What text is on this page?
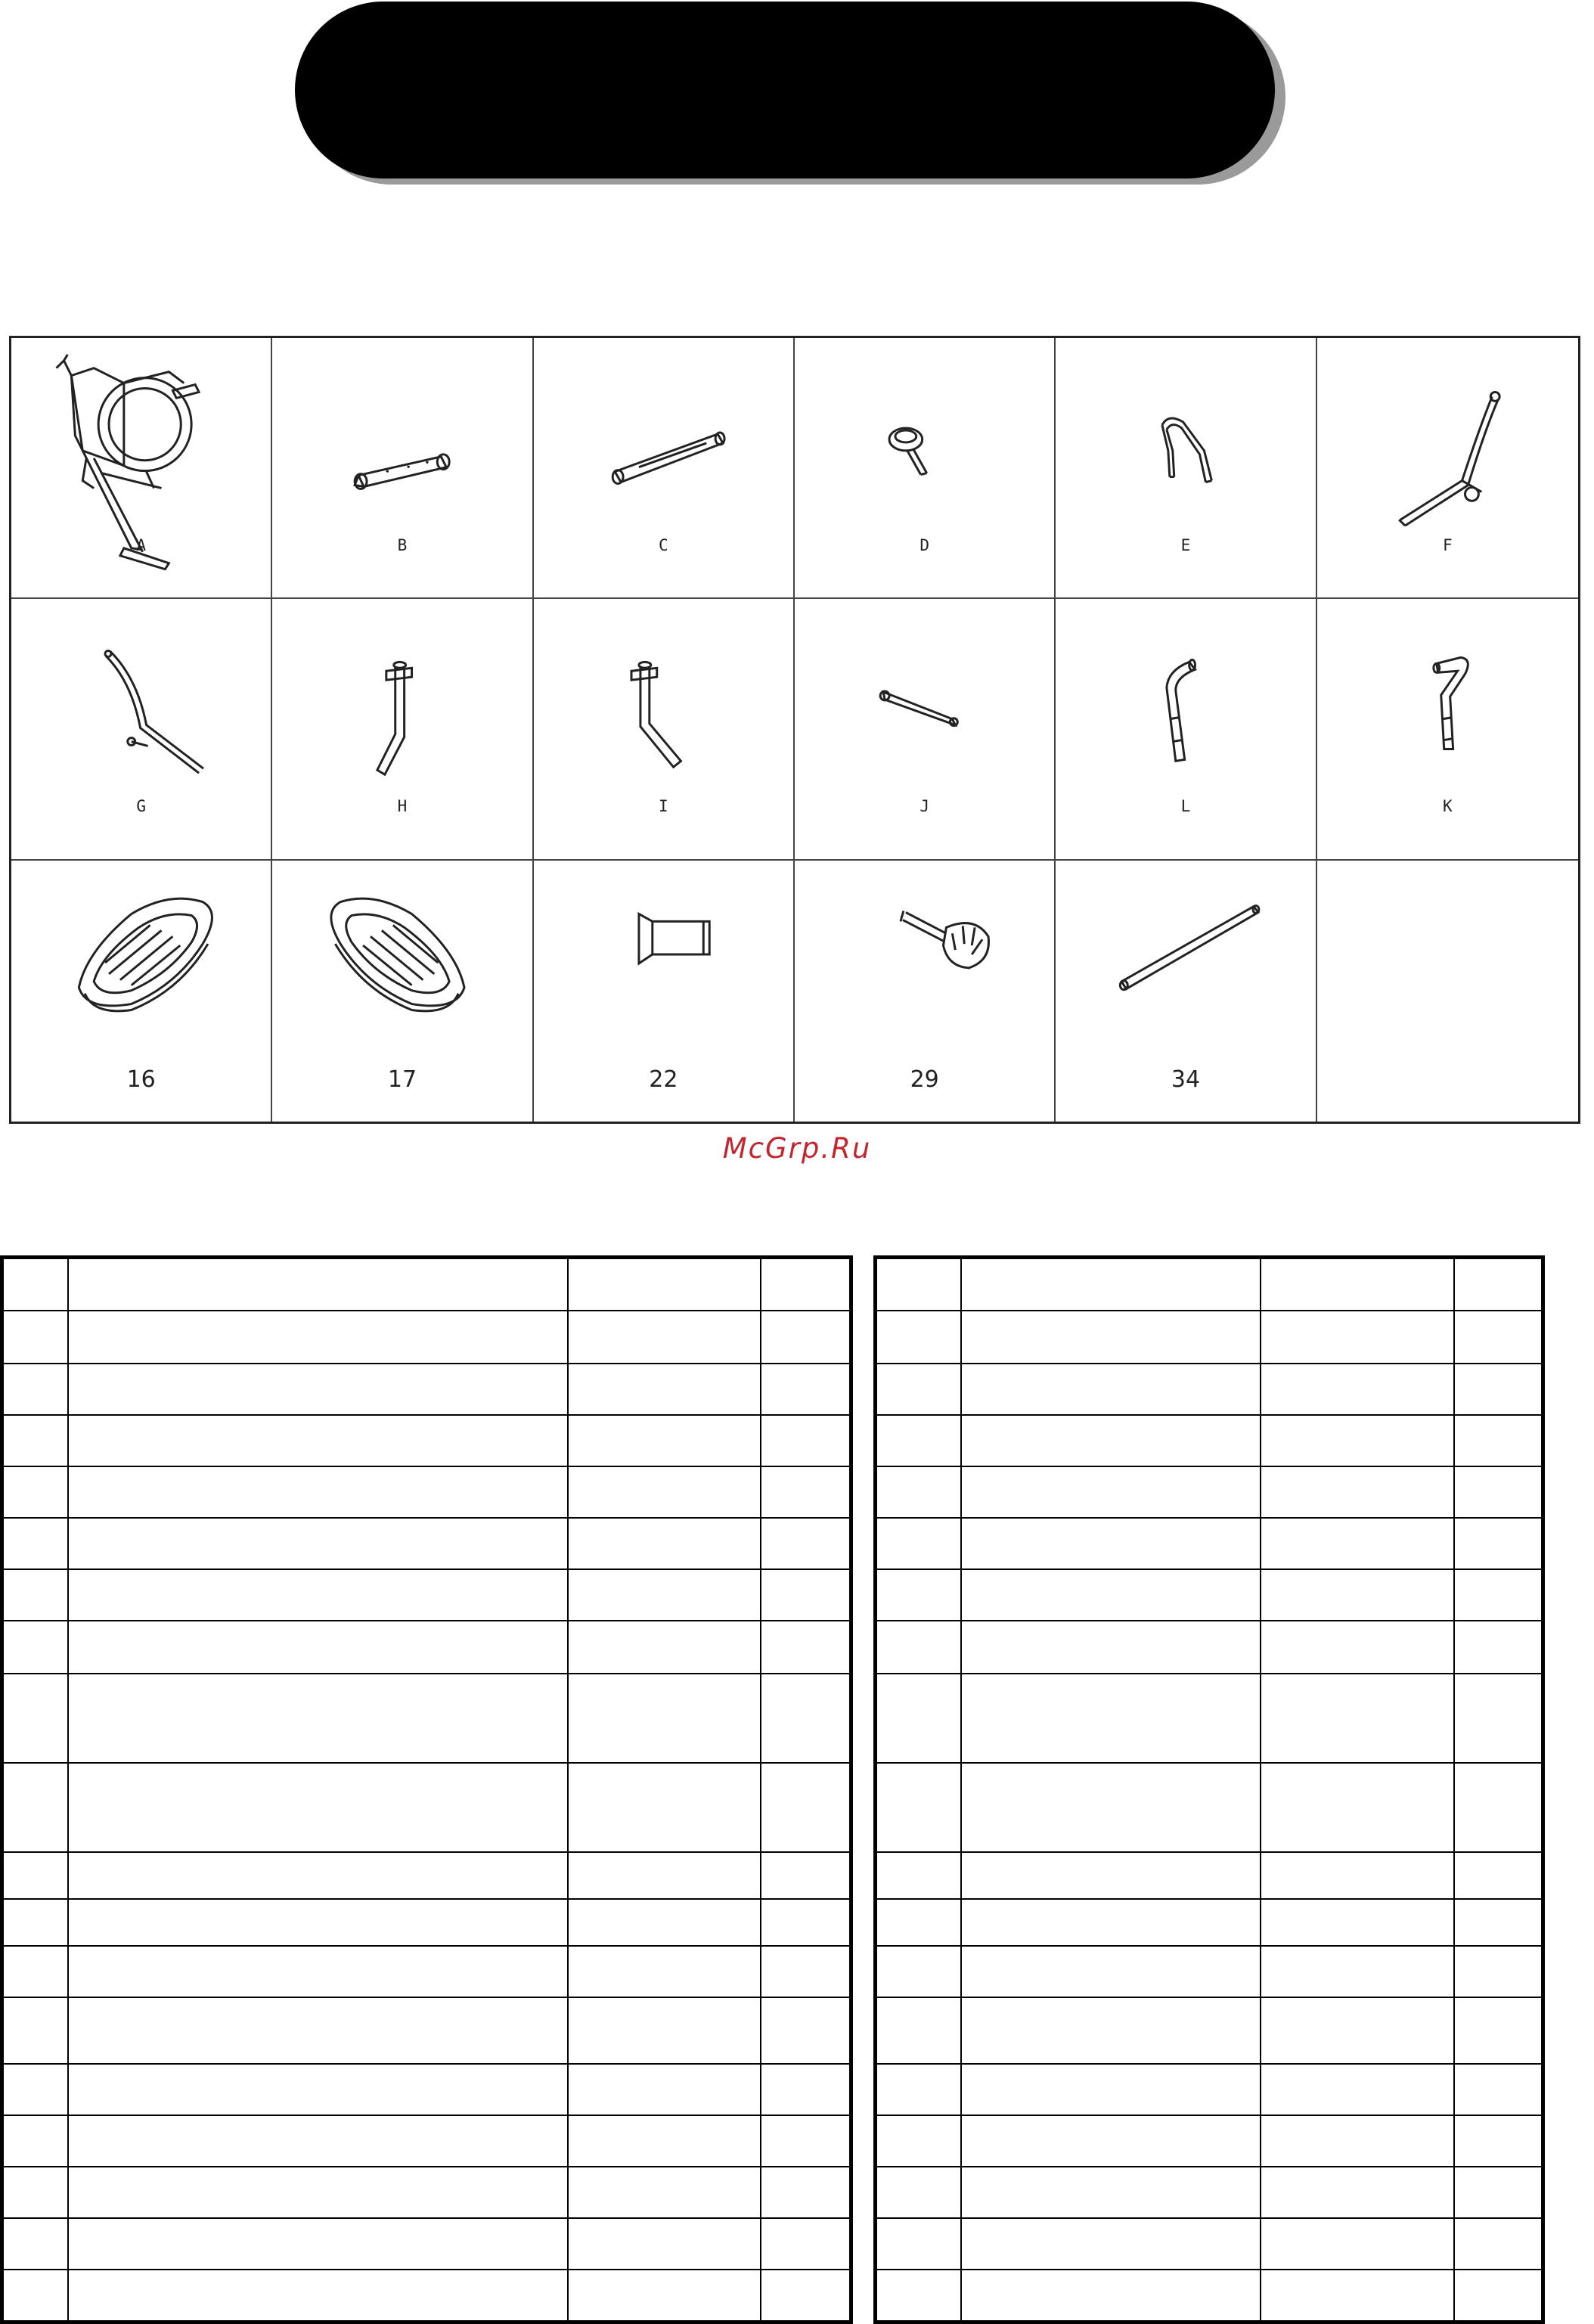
A	B	C	D	E	F
G	H	I	J	L	K
16	17	22	29	34
McGrp.Ru
